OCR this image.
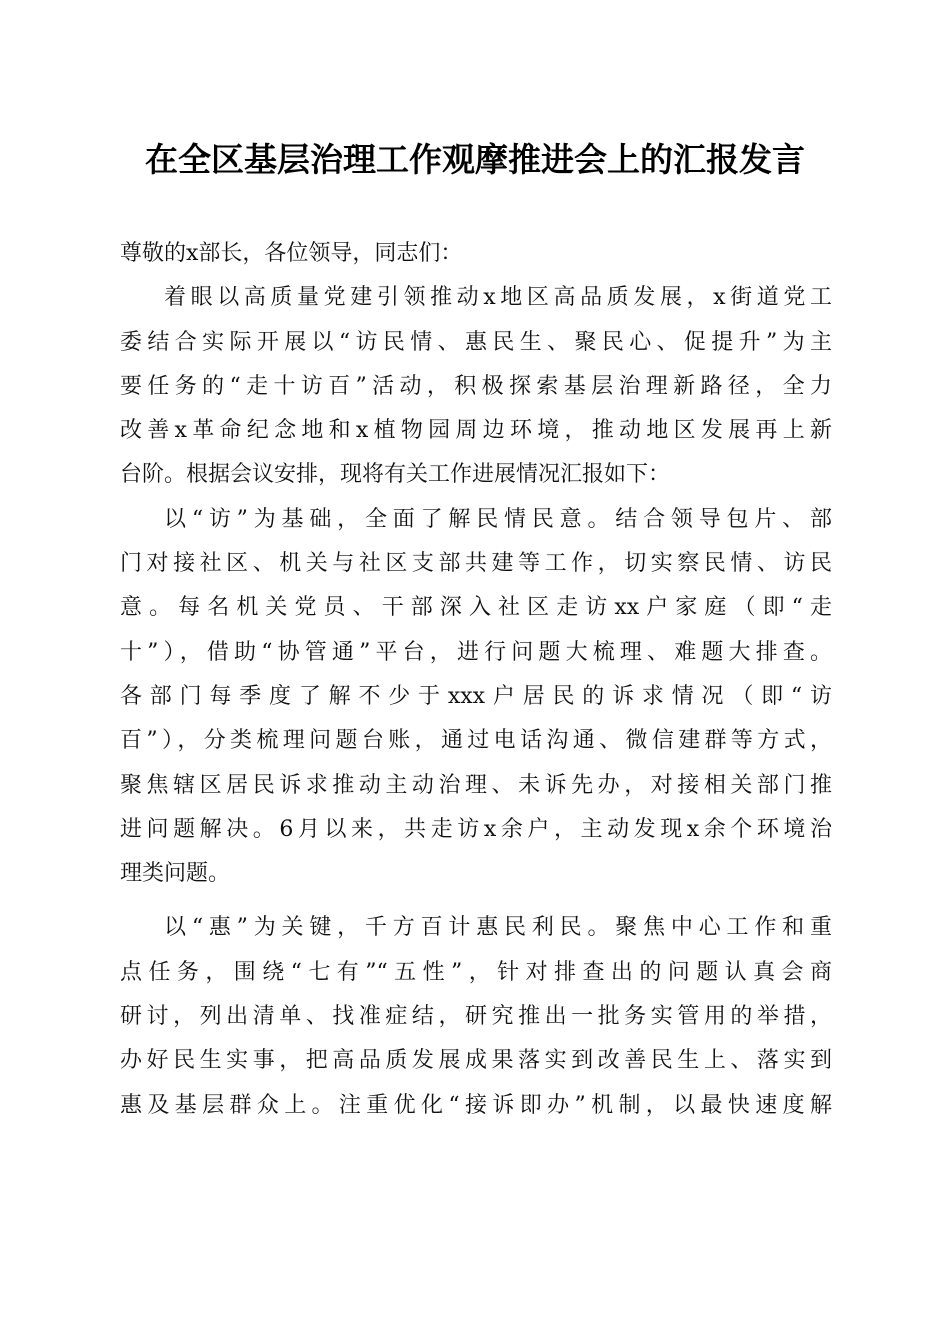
在全区基层治理工作观摩推进会上的汇报发言
尊敬的x部长，各位领导，同志们：
着眼以高质量党建引领推动x地区高品质发展，x街道党工
委结合实际开展以“访民情、惠民生、聚民心、促提升”为主
要任务的“走十访百”活动，积极探索基层治理新路径，全力
改善x革命纪念地和x植物园周边环境，推动地区发展再上新
台阶。根据会议安排，现将有关工作进展情况汇报如下：
以“访”为基础，全面了解民情民意。结合领导包片、部
门对接社区、机关与社区支部共建等工作，切实察民情、访民
意。每名机关党员、干部深入社区走访xx户家庭（即“走
十”），借助“协管通”平台，进行问题大梳理、难题大排查。
各部门每季度了解不少于xxx户居民的诉求情况（即“访
百”），分类梳理问题台账，通过电话沟通、微信建群等方式，
聚焦辖区居民诉求推动主动治理、未诉先办，对接相关部门推
进问题解决。6月以来，共走访x余户，主动发现x余个环境治
理类问题。
以“惠”为关键，千方百计惠民利民。聚焦中心工作和重
点任务，围绕“七有”“五性”，针对排查出的问题认真会商
研讨，列出清单、找准症结，研究推出一批务实管用的举措，
办好民生实事，把高品质发展成果落实到改善民生上、落实到
惠及基层群众上。注重优化“接诉即办”机制，以最快速度解
